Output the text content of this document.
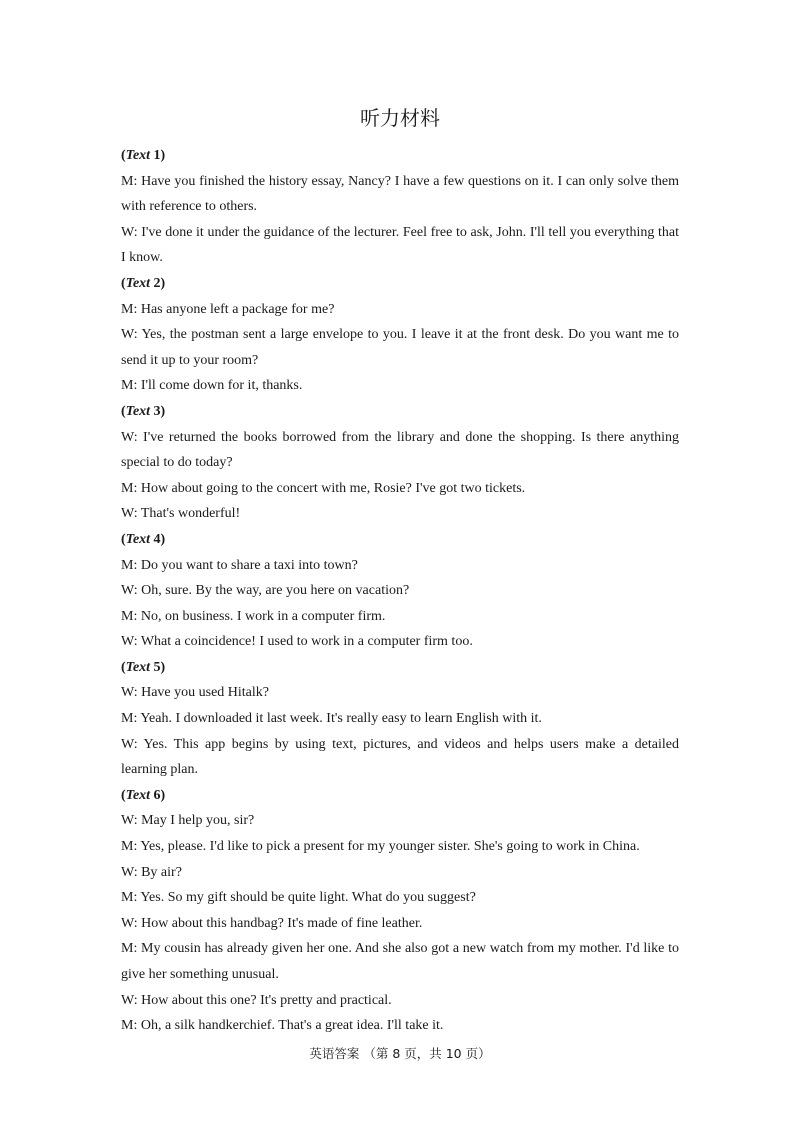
听力材料
(Text 1)
M: Have you finished the history essay, Nancy? I have a few questions on it. I can only solve them with reference to others.
W: I've done it under the guidance of the lecturer. Feel free to ask, John. I'll tell you everything that I know.
(Text 2)
M: Has anyone left a package for me?
W: Yes, the postman sent a large envelope to you. I leave it at the front desk. Do you want me to send it up to your room?
M: I'll come down for it, thanks.
(Text 3)
W: I've returned the books borrowed from the library and done the shopping. Is there anything special to do today?
M: How about going to the concert with me, Rosie? I've got two tickets.
W: That's wonderful!
(Text 4)
M: Do you want to share a taxi into town?
W: Oh, sure. By the way, are you here on vacation?
M: No, on business. I work in a computer firm.
W: What a coincidence! I used to work in a computer firm too.
(Text 5)
W: Have you used Hitalk?
M: Yeah. I downloaded it last week. It's really easy to learn English with it.
W: Yes. This app begins by using text, pictures, and videos and helps users make a detailed learning plan.
(Text 6)
W: May I help you, sir?
M: Yes, please. I'd like to pick a present for my younger sister. She's going to work in China.
W: By air?
M: Yes. So my gift should be quite light. What do you suggest?
W: How about this handbag? It's made of fine leather.
M: My cousin has already given her one. And she also got a new watch from my mother. I'd like to give her something unusual.
W: How about this one? It's pretty and practical.
M: Oh, a silk handkerchief. That's a great idea. I'll take it.
英语答案 （第 8 页，共 10 页）
